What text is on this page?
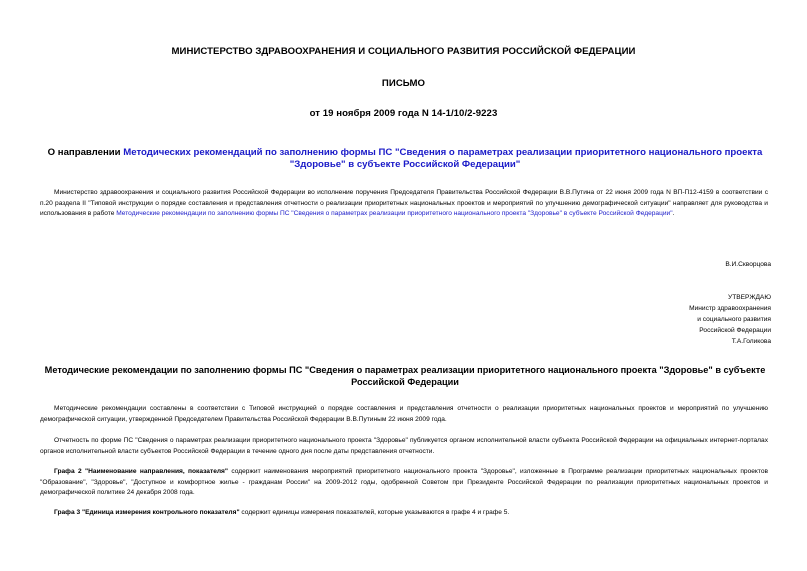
МИНИСТЕРСТВО ЗДРАВООХРАНЕНИЯ И СОЦИАЛЬНОГО РАЗВИТИЯ РОССИЙСКОЙ ФЕДЕРАЦИИ
ПИСЬМО
от 19 ноября 2009 года N 14-1/10/2-9223
О направлении Методических рекомендаций по заполнению формы ПС "Сведения о параметрах реализации приоритетного национального проекта "Здоровье" в субъекте Российской Федерации"
Министерство здравоохранения и социального развития Российской Федерации во исполнение поручения Председателя Правительства Российской Федерации В.В.Путина от 22 июня 2009 года N ВП-П12-4159 в соответствии с п.20 раздела II "Типовой инструкции о порядке составления и представления отчетности о реализации приоритетных национальных проектов и мероприятий по улучшению демографической ситуации" направляет для руководства и использования в работе Методические рекомендации по заполнению формы ПС "Сведения о параметрах реализации приоритетного национального проекта "Здоровье" в субъекте Российской Федерации".
В.И.Скворцова
УТВЕРЖДАЮ
Министр здравоохранения
и социального развития
Российской Федерации
Т.А.Голикова
Методические рекомендации по заполнению формы ПС "Сведения о параметрах реализации приоритетного национального проекта "Здоровье" в субъекте Российской Федерации
Методические рекомендации составлены в соответствии с Типовой инструкцией о порядке составления и представления отчетности о реализации приоритетных национальных проектов и мероприятий по улучшению демографической ситуации, утвержденной Председателем Правительства Российской Федерации В.В.Путиным 22 июня 2009 года.
Отчетность по форме ПС "Сведения о параметрах реализации приоритетного национального проекта "Здоровье" публикуется органом исполнительной власти субъекта Российской Федерации на официальных интернет-порталах органов исполнительной власти субъектов Российской Федерации в течение одного дня после даты представления отчетности.
Графа 2 "Наименование направления, показателя" содержит наименования мероприятий приоритетного национального проекта "Здоровье", изложенные в Программе реализации приоритетных национальных проектов "Образование", "Здоровье", "Доступное и комфортное жилье - гражданам России" на 2009-2012 годы, одобренной Советом при Президенте Российской Федерации по реализации приоритетных национальных проектов и демографической политике 24 декабря 2008 года.
Графа 3 "Единица измерения контрольного показателя" содержит единицы измерения показателей, которые указываются в графе 4 и графе 5.
